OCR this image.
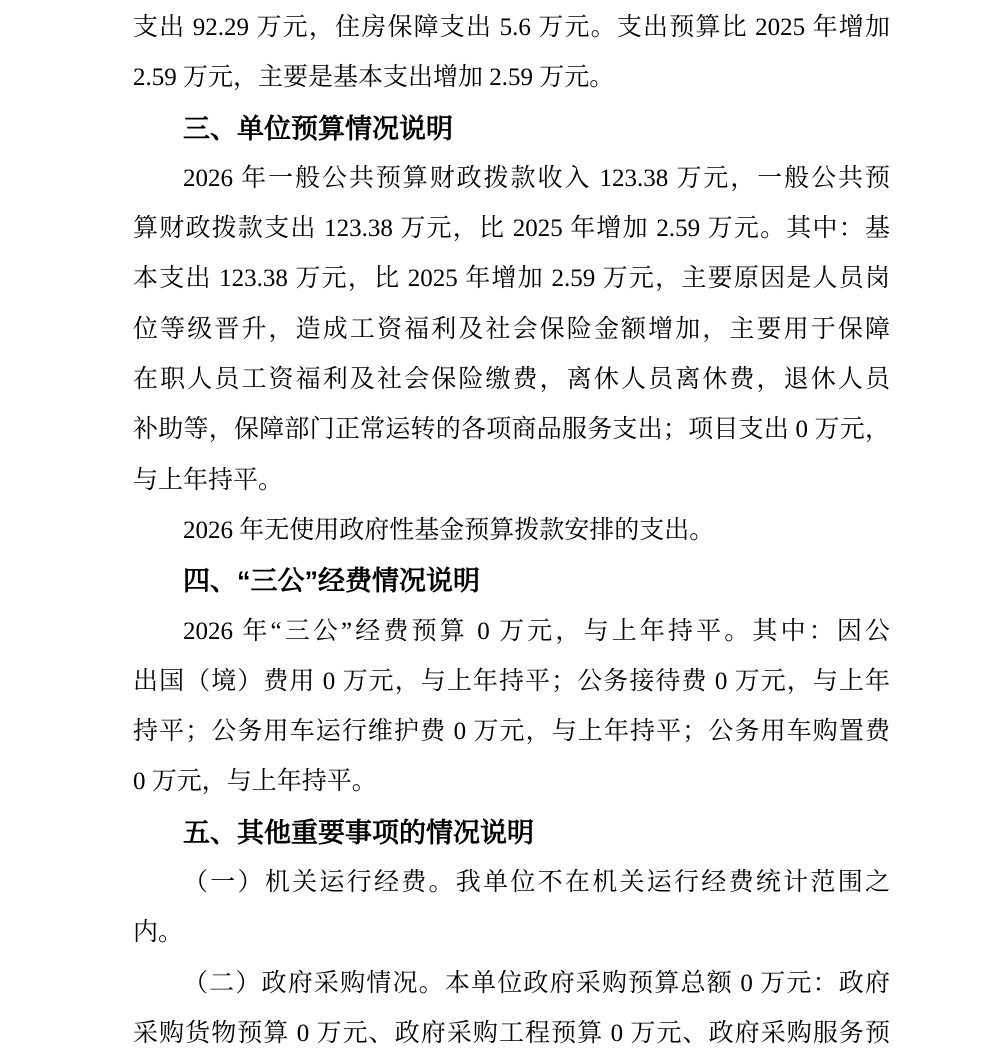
支出 92.29 万元，住房保障支出 5.6 万元。支出预算比 2025 年增加
2.59 万元，主要是基本支出增加 2.59 万元。
三、单位预算情况说明
2026 年一般公共预算财政拨款收入 123.38 万元，一般公共预
算财政拨款支出 123.38 万元，比 2025 年增加 2.59 万元。其中：基
本支出 123.38 万元，比 2025 年增加 2.59 万元，主要原因是人员岗
位等级晋升，造成工资福利及社会保险金额增加，主要用于保障
在职人员工资福利及社会保险缴费，离休人员离休费，退休人员
补助等，保障部门正常运转的各项商品服务支出；项目支出 0 万元，
与上年持平。
2026 年无使用政府性基金预算拨款安排的支出。
四、“三公”经费情况说明
2026 年“三公”经费预算 0 万元，与上年持平。其中：因公
出国（境）费用 0 万元，与上年持平；公务接待费 0 万元，与上年
持平；公务用车运行维护费 0 万元，与上年持平；公务用车购置费
0 万元，与上年持平。
五、其他重要事项的情况说明
（一）机关运行经费。我单位不在机关运行经费统计范围之
内。
（二）政府采购情况。本单位政府采购预算总额 0 万元：政府
采购货物预算 0 万元、政府采购工程预算 0 万元、政府采购服务预
